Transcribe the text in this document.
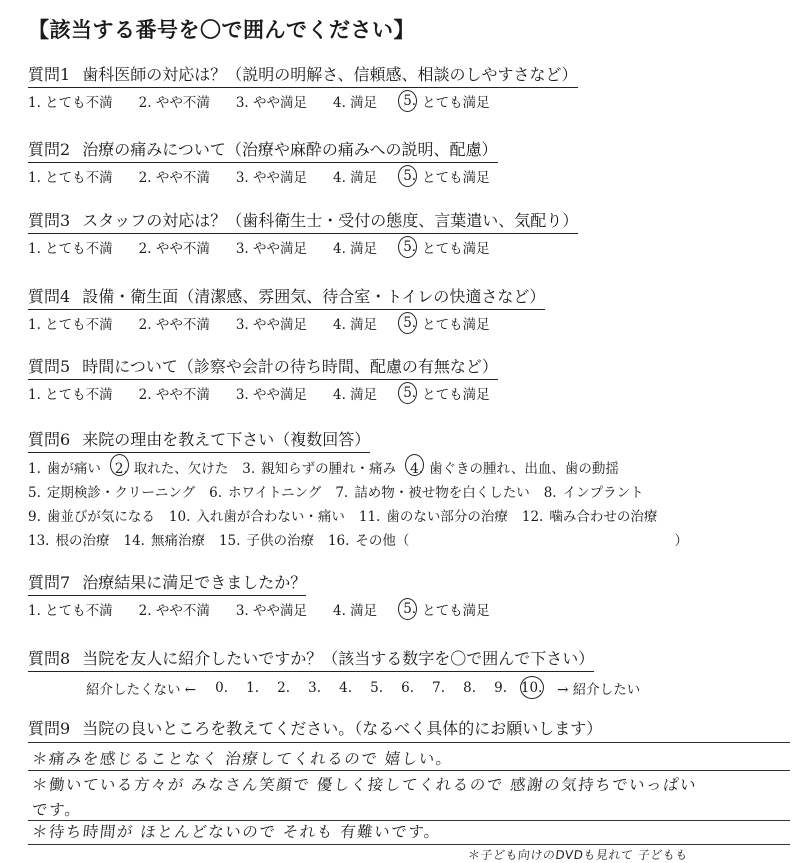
【該当する番号を〇で囲んでください】
質問1 歯科医師の対応は？（説明の明解さ、信頼感、相談のしやすさなど）
1. とても不満 2. やや不満 3. やや満足 4. 満足 5. とても満足
質問2 治療の痛みについて（治療や麻酔の痛みへの説明、配慮）
1. とても不満 2. やや不満 3. やや満足 4. 満足 5. とても満足
質問3 スタッフの対応は？（歯科衛生士・受付の態度、言葉遣い、気配り）
1. とても不満 2. やや不満 3. やや満足 4. 満足 5. とても満足
質問4 設備・衛生面（清潔感、雰囲気、待合室・トイレの快適さなど）
1. とても不満 2. やや不満 3. やや満足 4. 満足 5. とても満足
質問5 時間について（診察や会計の待ち時間、配慮の有無など）
1. とても不満 2. やや不満 3. やや満足 4. 満足 5. とても満足
質問6 来院の理由を教えて下さい（複数回答）
1. 歯が痛い 2. 取れた、欠けた 3. 親知らずの腫れ・痛み 4. 歯ぐきの腫れ、出血、歯の動揺
5. 定期検診・クリーニング 6. ホワイトニング 7. 詰め物・被せ物を白くしたい 8. インプラント
9. 歯並びが気になる 10. 入れ歯が合わない・痛い 11. 歯のない部分の治療 12. 噛み合わせの治療
13. 根の治療 14. 無痛治療 15. 子供の治療 16. その他（	）
質問7 治療結果に満足できましたか？
1. とても不満 2. やや不満 3. やや満足 4. 満足 5. とても満足
質問8 当院を友人に紹介したいですか？（該当する数字を〇で囲んで下さい）
紹介したくない ←	0.	1.	2.	3.	4.	5.	6.	7.	8.	9.	10.	→ 紹介したい
質問9 当院の良いところを教えてください。（なるべく具体的にお願いします）
＊痛みを感じることなく 治療してくれるので 嬉しい。
＊働いている方々が みなさん笑顔で 優しく接してくれるので 感謝の気持ちでいっぱい
です。
＊待ち時間が ほとんどないので それも 有難いです。
＊子ども向けのDVDも見れて 子どもも
